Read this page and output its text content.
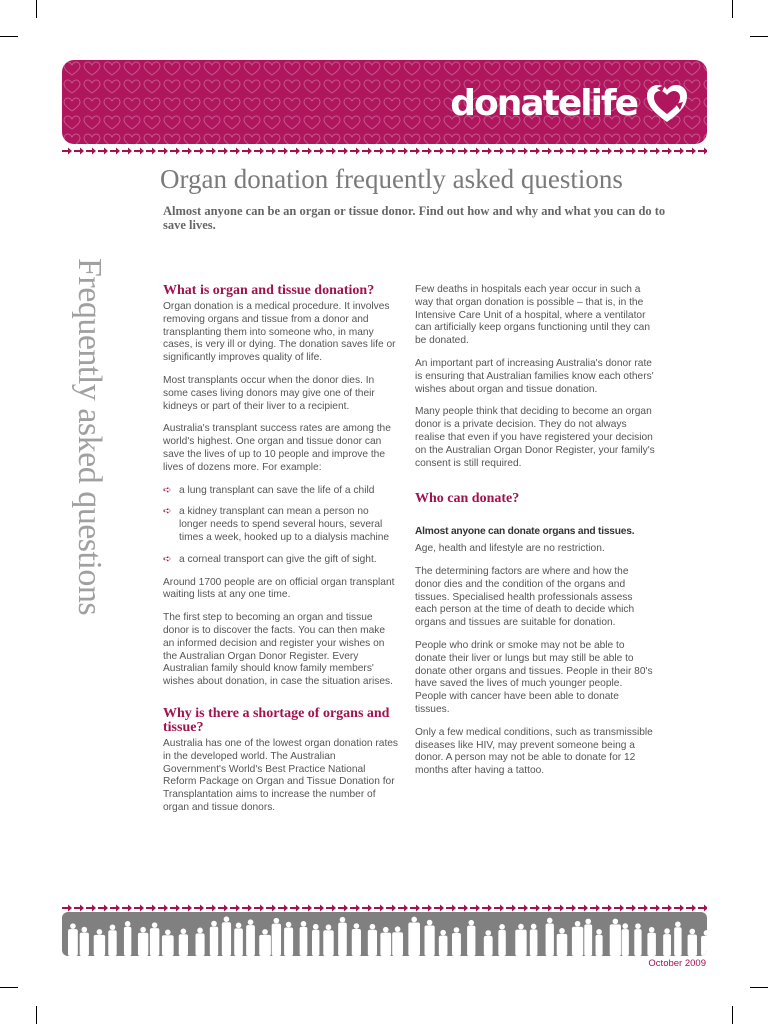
donatelife
Organ donation frequently asked questions
Almost anyone can be an organ or tissue donor. Find out how and why and what you can do to save lives.
Frequently asked questions	What is organ and tissue donation?

Organ donation is a medical procedure. It involves removing organs and tissue from a donor and transplanting them into someone who, in many cases, is very ill or dying. The donation saves life or significantly improves quality of life.

Most transplants occur when the donor dies. In some cases living donors may give one of their kidneys or part of their liver to a recipient.

Australia's transplant success rates are among the world's highest. One organ and tissue donor can save the lives of up to 10 people and improve the lives of dozens more. For example:

➪ a lung transplant can save the life of a child
➪ a kidney transplant can mean a person no longer needs to spend several hours, several times a week, hooked up to a dialysis machine
➪ a corneal transport can give the gift of sight.

Around 1700 people are on official organ transplant waiting lists at any one time.

The first step to becoming an organ and tissue donor is to discover the facts. You can then make an informed decision and register your wishes on the Australian Organ Donor Register. Every Australian family should know family members' wishes about donation, in case the situation arises.

Why is there a shortage of organs and tissue?

Australia has one of the lowest organ donation rates in the developed world. The Australian Government's World's Best Practice National Reform Package on Organ and Tissue Donation for Transplantation aims to increase the number of organ and tissue donors.

Few deaths in hospitals each year occur in such a way that organ donation is possible – that is, in the Intensive Care Unit of a hospital, where a ventilator can artificially keep organs functioning until they can be donated.

An important part of increasing Australia's donor rate is ensuring that Australian families know each others' wishes about organ and tissue donation.

Many people think that deciding to become an organ donor is a private decision. They do not always realise that even if you have registered your decision on the Australian Organ Donor Register, your family's consent is still required.

Who can donate?

Almost anyone can donate organs and tissues.

Age, health and lifestyle are no restriction.

The determining factors are where and how the donor dies and the condition of the organs and tissues. Specialised health professionals assess each person at the time of death to decide which organs and tissues are suitable for donation.

People who drink or smoke may not be able to donate their liver or lungs but may still be able to donate other organs and tissues. People in their 80's have saved the lives of much younger people. People with cancer have been able to donate tissues.

Only a few medical conditions, such as transmissible diseases like HIV, may prevent someone being a donor. A person may not be able to donate for 12 months after having a tattoo.

October 2009
